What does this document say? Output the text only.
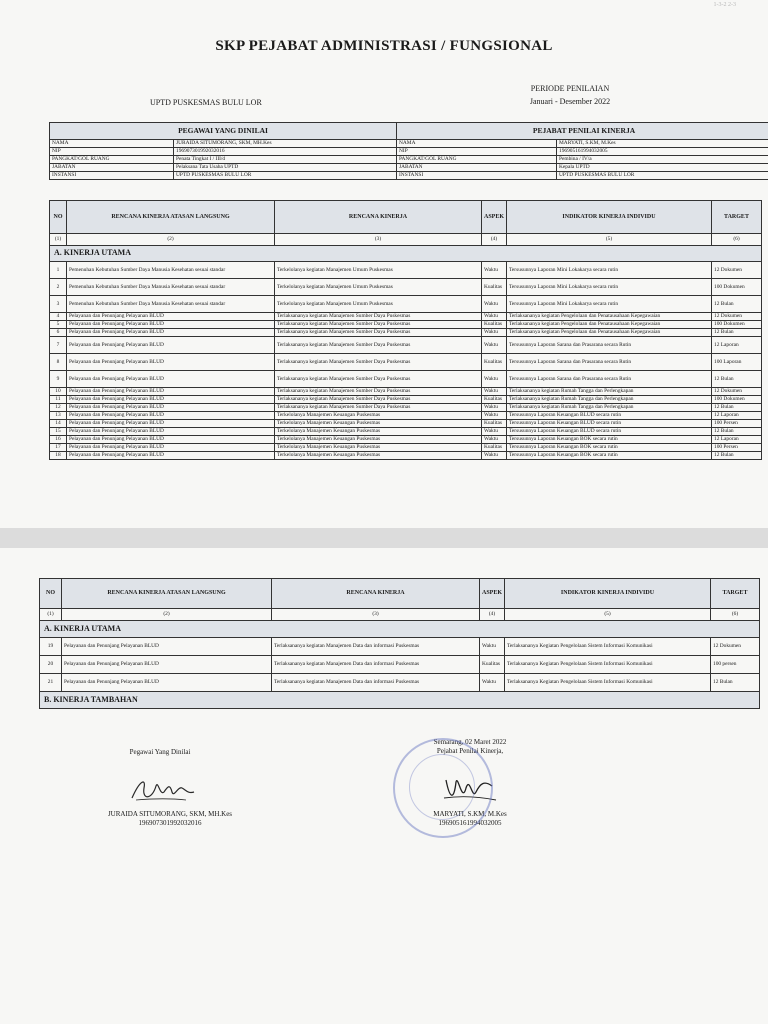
1-3-2 2-3
SKP PEJABAT ADMINISTRASI / FUNGSIONAL
UPTD PUSKESMAS BULU LOR
PERIODE PENILAIAN
Januari - Desember 2022
PEGAWAI YANG DINILAI		PEJABAT PENILAI KINERJA	
NAMA	JURAIDA SITUMORANG, SKM, MH.Kes	NAMA	MARYATI, S.KM, M.Kes
NIP	196907301992032016	NIP	196905161994032005
PANGKAT/GOL RUANG	Penata Tingkat I / III/d	PANGKAT/GOL RUANG	Pembina / IV/a
JABATAN	Pelaksana Tata Usaha UPTD	JABATAN	Kepala UPTD
INSTANSI	UPTD PUSKESMAS BULU LOR	INSTANSI	UPTD PUSKESMAS BULU LOR
NO	RENCANA KINERJA ATASAN LANGSUNG	RENCANA KINERJA	ASPEK	INDIKATOR KINERJA INDIVIDU	TARGET
(1)	(2)	(3)	(4)	(5)	(6)
A. KINERJA UTAMA					
1	Pemenuhan Kebutuhan Sumber Daya Manusia Kesehatan sesuai standar	Terkelolanya kegiatan Manajemen Umum Puskesmas	Waktu	Tersusunnya Laporan Mini Lokakarya secara rutin	12 Dokumen
2	Pemenuhan Kebutuhan Sumber Daya Manusia Kesehatan sesuai standar	Terkelolanya kegiatan Manajemen Umum Puskesmas	Kualitas	Tersusunnya Laporan Mini Lokakarya secara rutin	100 Dokumen
3	Pemenuhan Kebutuhan Sumber Daya Manusia Kesehatan sesuai standar	Terkelolanya kegiatan Manajemen Umum Puskesmas	Waktu	Tersusunnya Laporan Mini Lokakarya secara rutin	12 Bulan
4	Pelayanan dan Penunjang Pelayanan BLUD	Terlaksananya kegiatan Manajemen Sumber Daya Puskesmas	Waktu	Terlaksananya kegiatan Pengelolaan dan Penatausahaan Kepegawaian	12 Dokumen
5	Pelayanan dan Penunjang Pelayanan BLUD	Terlaksananya kegiatan Manajemen Sumber Daya Puskesmas	Kualitas	Terlaksananya kegiatan Pengelolaan dan Penatausahaan Kepegawaian	100 Dokumen
6	Pelayanan dan Penunjang Pelayanan BLUD	Terlaksananya kegiatan Manajemen Sumber Daya Puskesmas	Waktu	Terlaksananya kegiatan Pengelolaan dan Penatausahaan Kepegawaian	12 Bulan
7	Pelayanan dan Penunjang Pelayanan BLUD	Terlaksananya kegiatan Manajemen Sumber Daya Puskesmas	Waktu	Tersusunnya Laporan Sarana dan Prasarana secara Rutin	12 Laporan
8	Pelayanan dan Penunjang Pelayanan BLUD	Terlaksananya kegiatan Manajemen Sumber Daya Puskesmas	Kualitas	Tersusunnya Laporan Sarana dan Prasarana secara Rutin	100 Laporan
9	Pelayanan dan Penunjang Pelayanan BLUD	Terlaksananya kegiatan Manajemen Sumber Daya Puskesmas	Waktu	Tersusunnya Laporan Sarana dan Prasarana secara Rutin	12 Bulan
10	Pelayanan dan Penunjang Pelayanan BLUD	Terlaksananya kegiatan Manajemen Sumber Daya Puskesmas	Waktu	Terlaksananya kegiatan Rumah Tangga dan Perlengkapan	12 Dokumen
11	Pelayanan dan Penunjang Pelayanan BLUD	Terlaksananya kegiatan Manajemen Sumber Daya Puskesmas	Kualitas	Terlaksananya kegiatan Rumah Tangga dan Perlengkapan	100 Dokumen
12	Pelayanan dan Penunjang Pelayanan BLUD	Terlaksananya kegiatan Manajemen Sumber Daya Puskesmas	Waktu	Terlaksananya kegiatan Rumah Tangga dan Perlengkapan	12 Bulan
13	Pelayanan dan Penunjang Pelayanan BLUD	Terkelolanya Manajemen Keuangan Puskesmas	Waktu	Tersusunnya Laporan Keuangan BLUD secara rutin	12 Laporan
14	Pelayanan dan Penunjang Pelayanan BLUD	Terkelolanya Manajemen Keuangan Puskesmas	Kualitas	Tersusunnya Laporan Keuangan BLUD secara rutin	100 Persen
15	Pelayanan dan Penunjang Pelayanan BLUD	Terkelolanya Manajemen Keuangan Puskesmas	Waktu	Tersusunnya Laporan Keuangan BLUD secara rutin	12 Bulan
16	Pelayanan dan Penunjang Pelayanan BLUD	Terkelolanya Manajemen Keuangan Puskesmas	Waktu	Tersusunnya Laporan Keuangan BOK secara rutin	12 Laporan
17	Pelayanan dan Penunjang Pelayanan BLUD	Terkelolanya Manajemen Keuangan Puskesmas	Kualitas	Tersusunnya Laporan Keuangan BOK secara rutin	100 Persen
18	Pelayanan dan Penunjang Pelayanan BLUD	Terkelolanya Manajemen Keuangan Puskesmas	Waktu	Tersusunnya Laporan Keuangan BOK secara rutin	12 Bulan
NO	RENCANA KINERJA ATASAN LANGSUNG	RENCANA KINERJA	ASPEK	INDIKATOR KINERJA INDIVIDU	TARGET
(1)	(2)	(3)	(4)	(5)	(6)
A. KINERJA UTAMA					
19	Pelayanan dan Penunjang Pelayanan BLUD	Terlaksananya kegiatan Manajemen Data dan informasi Puskesmas	Waktu	Terlaksananya Kegiatan Pengelolaan Sistem Informasi Komunikasi	12 Dokumen
20	Pelayanan dan Penunjang Pelayanan BLUD	Terlaksananya kegiatan Manajemen Data dan informasi Puskesmas	Kualitas	Terlaksananya Kegiatan Pengelolaan Sistem Informasi Komunikasi	100 persen
21	Pelayanan dan Penunjang Pelayanan BLUD	Terlaksananya kegiatan Manajemen Data dan informasi Puskesmas	Waktu	Terlaksananya Kegiatan Pengelolaan Sistem Informasi Komunikasi	12 Bulan
B. KINERJA TAMBAHAN					
Pegawai Yang Dinilai
JURAIDA SITUMORANG, SKM, MH.Kes
196907301992032016
Semarang, 02 Maret 2022
Pejabat Penilai Kinerja,
MARYATI, S.KM, M.Kes
196905161994032005
